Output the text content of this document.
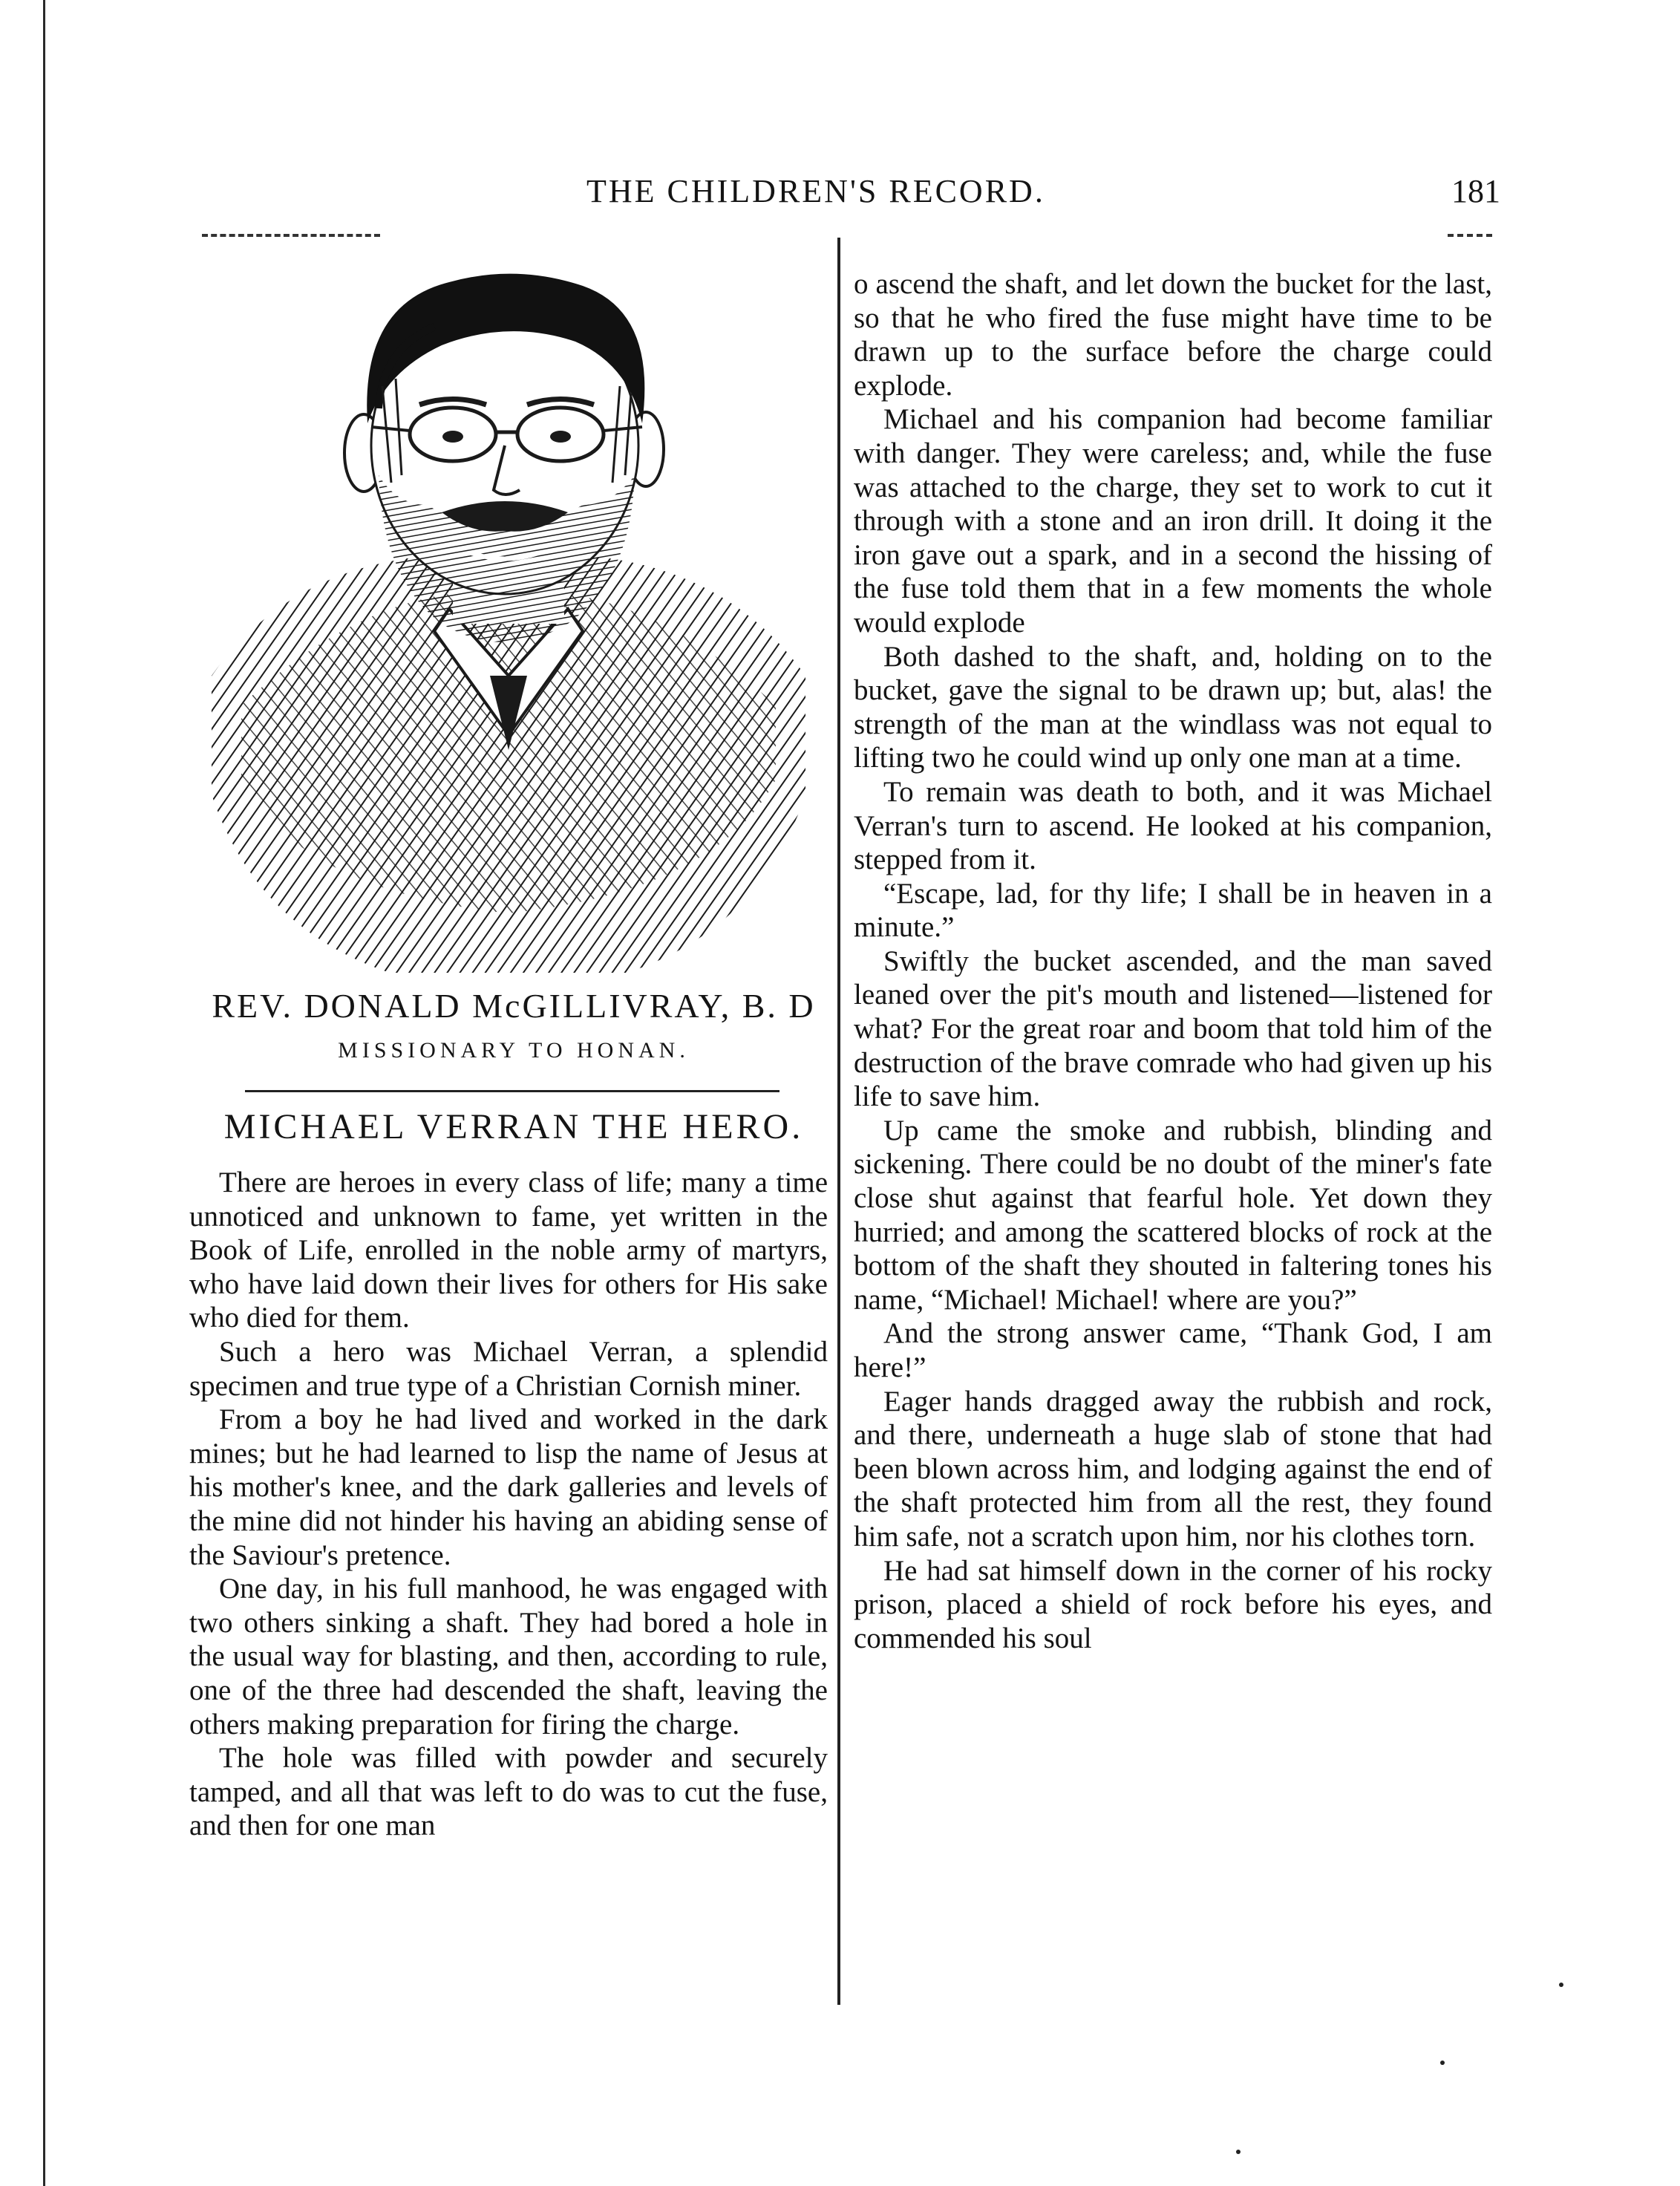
THE CHILDREN'S RECORD.	181
REV. DONALD McGILLIVRAY, B. D
MISSIONARY TO HONAN.
MICHAEL VERRAN THE HERO.

There are heroes in every class of life; many a time unnoticed and unknown to fame, yet written in the Book of Life, enrolled in the noble army of martyrs, who have laid down their lives for others for His sake who died for them.

Such a hero was Michael Verran, a splendid specimen and true type of a Christian Cornish miner.

From a boy he had lived and worked in the dark mines; but he had learned to lisp the name of Jesus at his mother's knee, and the dark galleries and levels of the mine did not hinder his having an abiding sense of the Saviour's pretence.

One day, in his full manhood, he was engaged with two others sinking a shaft. They had bored a hole in the usual way for blasting, and then, according to rule, one of the three had descended the shaft, leaving the others making preparation for firing the charge.

The hole was filled with powder and securely tamped, and all that was left to do was to cut the fuse, and then for one man

o ascend the shaft, and let down the bucket for the last, so that he who fired the fuse might have time to be drawn up to the surface before the charge could explode.

Michael and his companion had become familiar with danger. They were careless; and, while the fuse was attached to the charge, they set to work to cut it through with a stone and an iron drill. It doing it the iron gave out a spark, and in a second the hissing of the fuse told them that in a few moments the whole would explode

Both dashed to the shaft, and, holding on to the bucket, gave the signal to be drawn up; but, alas! the strength of the man at the windlass was not equal to lifting two he could wind up only one man at a time.

To remain was death to both, and it was Michael Verran's turn to ascend. He looked at his companion, stepped from it.

“Escape, lad, for thy life; I shall be in heaven in a minute.”

Swiftly the bucket ascended, and the man saved leaned over the pit's mouth and listened—listened for what? For the great roar and boom that told him of the destruction of the brave comrade who had given up his life to save him.

Up came the smoke and rubbish, blinding and sickening. There could be no doubt of the miner's fate close shut against that fearful hole. Yet down they hurried; and among the scattered blocks of rock at the bottom of the shaft they shouted in faltering tones his name, “Michael! Michael! where are you?”

And the strong answer came, “Thank God, I am here!”

Eager hands dragged away the rubbish and rock, and there, underneath a huge slab of stone that had been blown across him, and lodging against the end of the shaft protected him from all the rest, they found him safe, not a scratch upon him, nor his clothes torn.

He had sat himself down in the corner of his rocky prison, placed a shield of rock before his eyes, and commended his soul
